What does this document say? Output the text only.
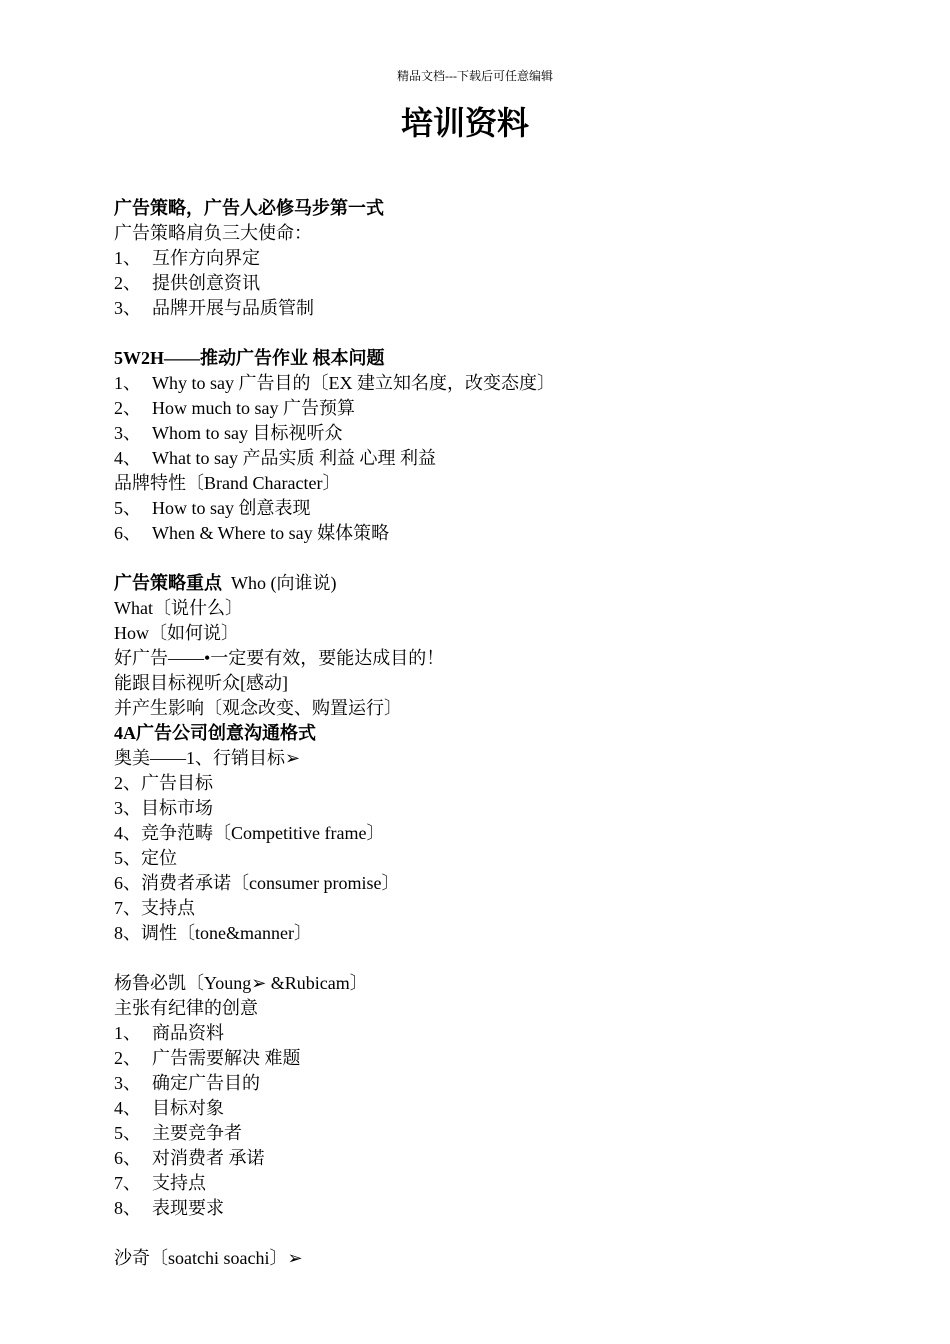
精品文档---下载后可任意编辑
培训资料
广告策略，广告人必修马步第一式
广告策略肩负三大使命：
1、 互作方向界定
2、 提供创意资讯
3、 品牌开展与品质管制
5W2H——推动广告作业 根本问题
1、 Why to say 广告目的〔EX 建立知名度，改变态度〕
2、 How much to say 广告预算
3、 Whom to say 目标视听众
4、 What to say 产品实质 利益 心理 利益
品牌特性〔Brand Character〕
5、 How to say 创意表现
6、 When & Where to say 媒体策略
广告策略重点  Who (向谁说)
What〔说什么〕
How〔如何说〕
好广告——•一定要有效，要能达成目的！
能跟目标视听众[感动]
并产生影响〔观念改变、购置运行〕
4A广告公司创意沟通格式
奥美——1、行销目标➢
2、广告目标
3、目标市场
4、竞争范畴〔Competitive frame〕
5、定位
6、消费者承诺〔consumer promise〕
7、支持点
8、调性〔tone&manner〕
杨鲁必凯〔Young➢ &Rubicam〕
主张有纪律的创意
1、 商品资料
2、 广告需要解决 难题
3、 确定广告目的
4、 目标对象
5、 主要竞争者
6、 对消费者 承诺
7、 支持点
8、 表现要求
沙奇〔soatchi soachi〕➢
